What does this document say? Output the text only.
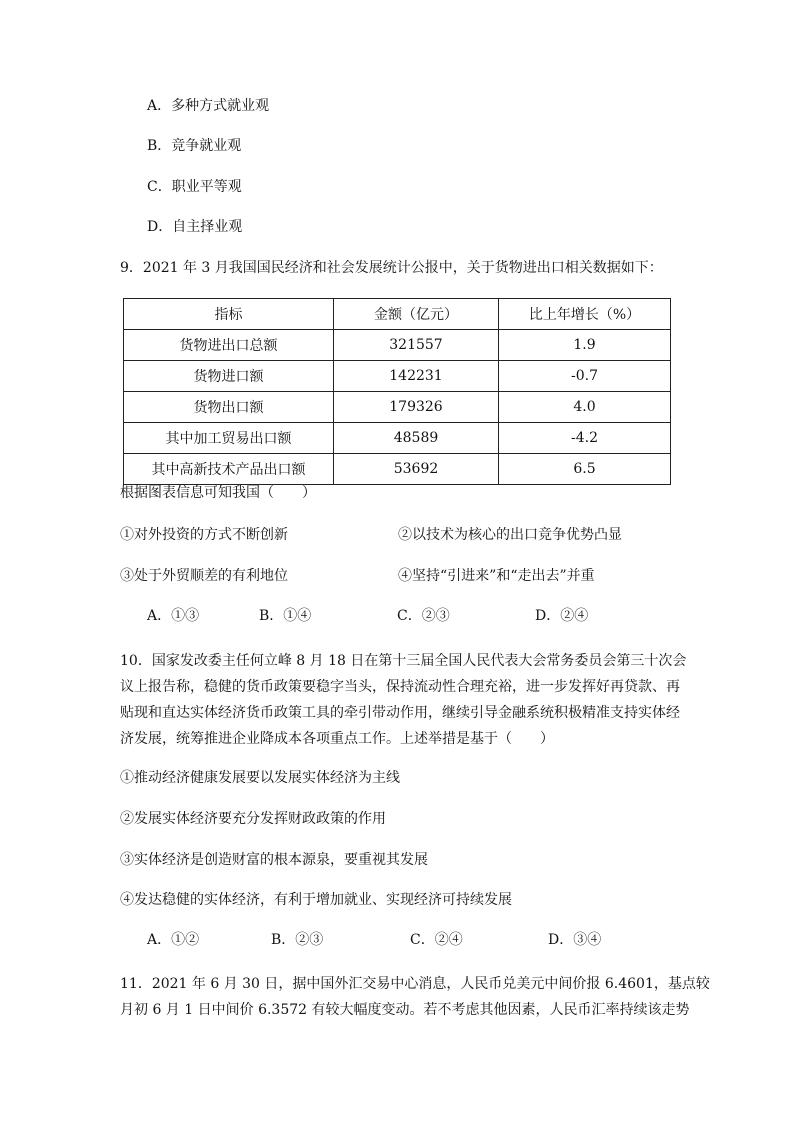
A．多种方式就业观
B．竞争就业观
C．职业平等观
D．自主择业观
9．2021 年 3 月我国国民经济和社会发展统计公报中，关于货物进出口相关数据如下：
指标	金额（亿元）	比上年增长（%）
货物进出口总额	321557	1.9
货物进口额	142231	-0.7
货物出口额	179326	4.0
其中加工贸易出口额	48589	-4.2
其中高新技术产品出口额	53692	6.5
根据图表信息可知我国（　　）
①对外投资的方式不断创新	②以技术为核心的出口竞争优势凸显
③处于外贸顺差的有利地位	④坚持“引进来”和“走出去”并重
A．①③	B．①④	C．②③	D．②④
10．国家发改委主任何立峰 8 月 18 日在第十三届全国人民代表大会常务委员会第三十次会
议上报告称，稳健的货币政策要稳字当头，保持流动性合理充裕，进一步发挥好再贷款、再
贴现和直达实体经济货币政策工具的牵引带动作用，继续引导金融系统积极精准支持实体经
济发展，统筹推进企业降成本各项重点工作。上述举措是基于（　　）
①推动经济健康发展要以发展实体经济为主线
②发展实体经济要充分发挥财政政策的作用
③实体经济是创造财富的根本源泉，要重视其发展
④发达稳健的实体经济，有利于增加就业、实现经济可持续发展
A．①②	B．②③	C．②④	D．③④
11．2021 年 6 月 30 日，据中国外汇交易中心消息，人民币兑美元中间价报 6.4601，基点较
月初 6 月 1 日中间价 6.3572 有较大幅度变动。若不考虑其他因素，人民币汇率持续该走势
